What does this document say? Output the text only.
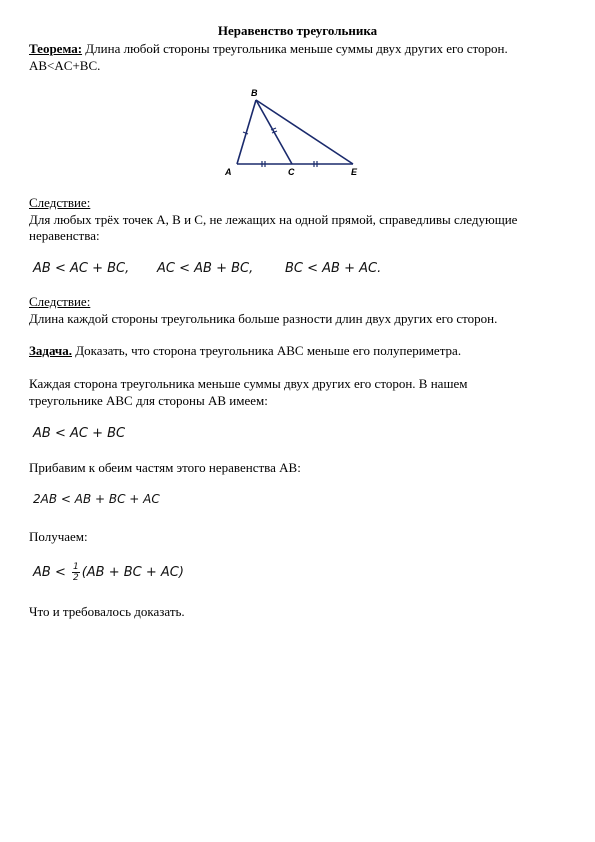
Неравенство треугольника
Теорема: Длина любой стороны треугольника меньше суммы двух других его сторон.
AB<AC+BC.
B
A	C	E
Следствие:
Для любых трёх точек A, B и C, не лежащих на одной прямой, справедливы следующие
неравенства:
AB < AC + BC, AC < AB + BC, BC < AB + AC.
Следствие:
Длина каждой стороны треугольника больше разности длин двух других его сторон.
Задача. Доказать, что сторона треугольника ABC меньше его полупериметра.
Каждая сторона треугольника меньше суммы двух других его сторон. В нашем
треугольнике ABC для стороны AB имеем:
AB < AC + BC
Прибавим к обеим частям этого неравенства AB:
2AB < AB + BC + AC
Получаем:
AB < $\frac{1}{2} (AB$ + BC + AC)
Что и требовалось доказать.
